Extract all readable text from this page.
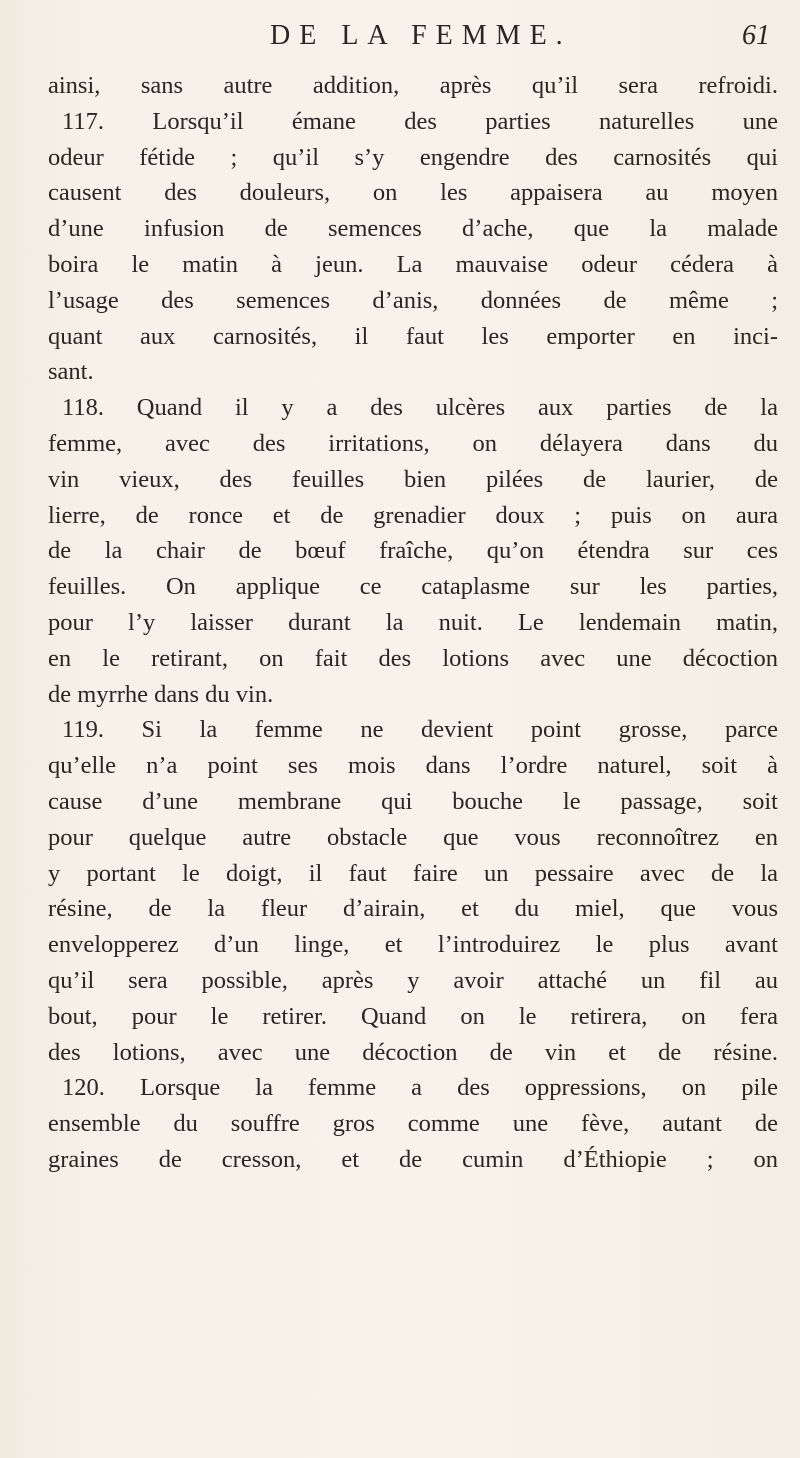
DE LA FEMME.	61
ainsi, sans autre addition, après qu’il sera refroidi.
117. Lorsqu’il émane des parties naturelles une
odeur fétide ; qu’il s’y engendre des carnosités qui
causent des douleurs, on les appaisera au moyen
d’une infusion de semences d’ache, que la malade
boira le matin à jeun. La mauvaise odeur cédera à
l’usage des semences d’anis, données de même ;
quant aux carnosités, il faut les emporter en inci-
sant.
118. Quand il y a des ulcères aux parties de la
femme, avec des irritations, on délayera dans du
vin vieux, des feuilles bien pilées de laurier, de
lierre, de ronce et de grenadier doux ; puis on aura
de la chair de bœuf fraîche, qu’on étendra sur ces
feuilles. On applique ce cataplasme sur les parties,
pour l’y laisser durant la nuit. Le lendemain matin,
en le retirant, on fait des lotions avec une décoction
de myrrhe dans du vin.
119. Si la femme ne devient point grosse, parce
qu’elle n’a point ses mois dans l’ordre naturel, soit à
cause d’une membrane qui bouche le passage, soit
pour quelque autre obstacle que vous reconnoîtrez en
y portant le doigt, il faut faire un pessaire avec de la
résine, de la fleur d’airain, et du miel, que vous
envelopperez d’un linge, et l’introduirez le plus avant
qu’il sera possible, après y avoir attaché un fil au
bout, pour le retirer. Quand on le retirera, on fera
des lotions, avec une décoction de vin et de résine.
120. Lorsque la femme a des oppressions, on pile
ensemble du souffre gros comme une fève, autant de
graines de cresson, et de cumin d’Éthiopie ; on
